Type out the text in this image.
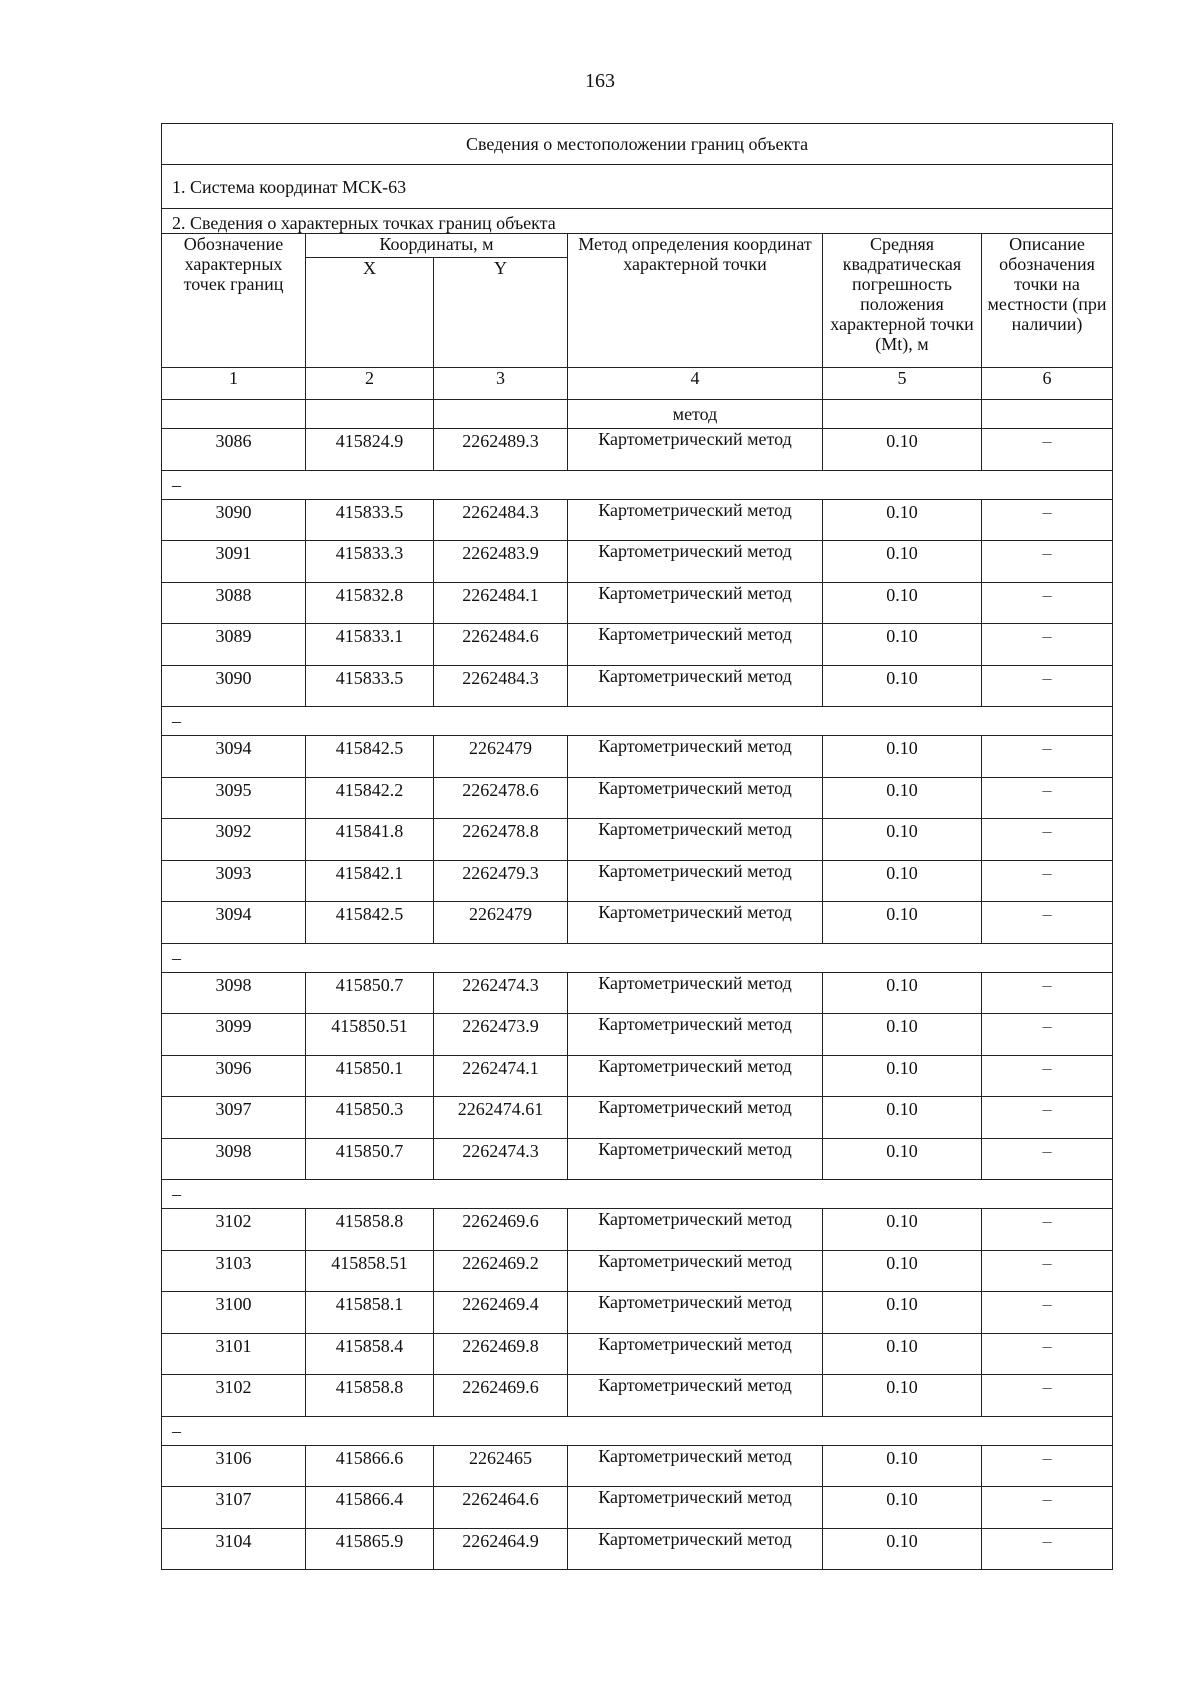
163
Сведения о местоположении границ объекта					
1. Система координат МСК-63					
2. Сведения о характерных точках границ объекта					
Обозначение характерных точек границ	Координаты, м		Метод определения координат характерной точки	Средняя квадратическая погрешность положения характерной точки (Мt), м	Описание обозначения точки на местности (при наличии)
	X	Y			
1	2	3	4	5	6
			метод		
3086	415824.9	2262489.3	Картометрический метод	0.10	–
–					
3090	415833.5	2262484.3	Картометрический метод	0.10	–
3091	415833.3	2262483.9	Картометрический метод	0.10	–
3088	415832.8	2262484.1	Картометрический метод	0.10	–
3089	415833.1	2262484.6	Картометрический метод	0.10	–
3090	415833.5	2262484.3	Картометрический метод	0.10	–
–					
3094	415842.5	2262479	Картометрический метод	0.10	–
3095	415842.2	2262478.6	Картометрический метод	0.10	–
3092	415841.8	2262478.8	Картометрический метод	0.10	–
3093	415842.1	2262479.3	Картометрический метод	0.10	–
3094	415842.5	2262479	Картометрический метод	0.10	–
–					
3098	415850.7	2262474.3	Картометрический метод	0.10	–
3099	415850.51	2262473.9	Картометрический метод	0.10	–
3096	415850.1	2262474.1	Картометрический метод	0.10	–
3097	415850.3	2262474.61	Картометрический метод	0.10	–
3098	415850.7	2262474.3	Картометрический метод	0.10	–
–					
3102	415858.8	2262469.6	Картометрический метод	0.10	–
3103	415858.51	2262469.2	Картометрический метод	0.10	–
3100	415858.1	2262469.4	Картометрический метод	0.10	–
3101	415858.4	2262469.8	Картометрический метод	0.10	–
3102	415858.8	2262469.6	Картометрический метод	0.10	–
–					
3106	415866.6	2262465	Картометрический метод	0.10	–
3107	415866.4	2262464.6	Картометрический метод	0.10	–
3104	415865.9	2262464.9	Картометрический метод	0.10	–
